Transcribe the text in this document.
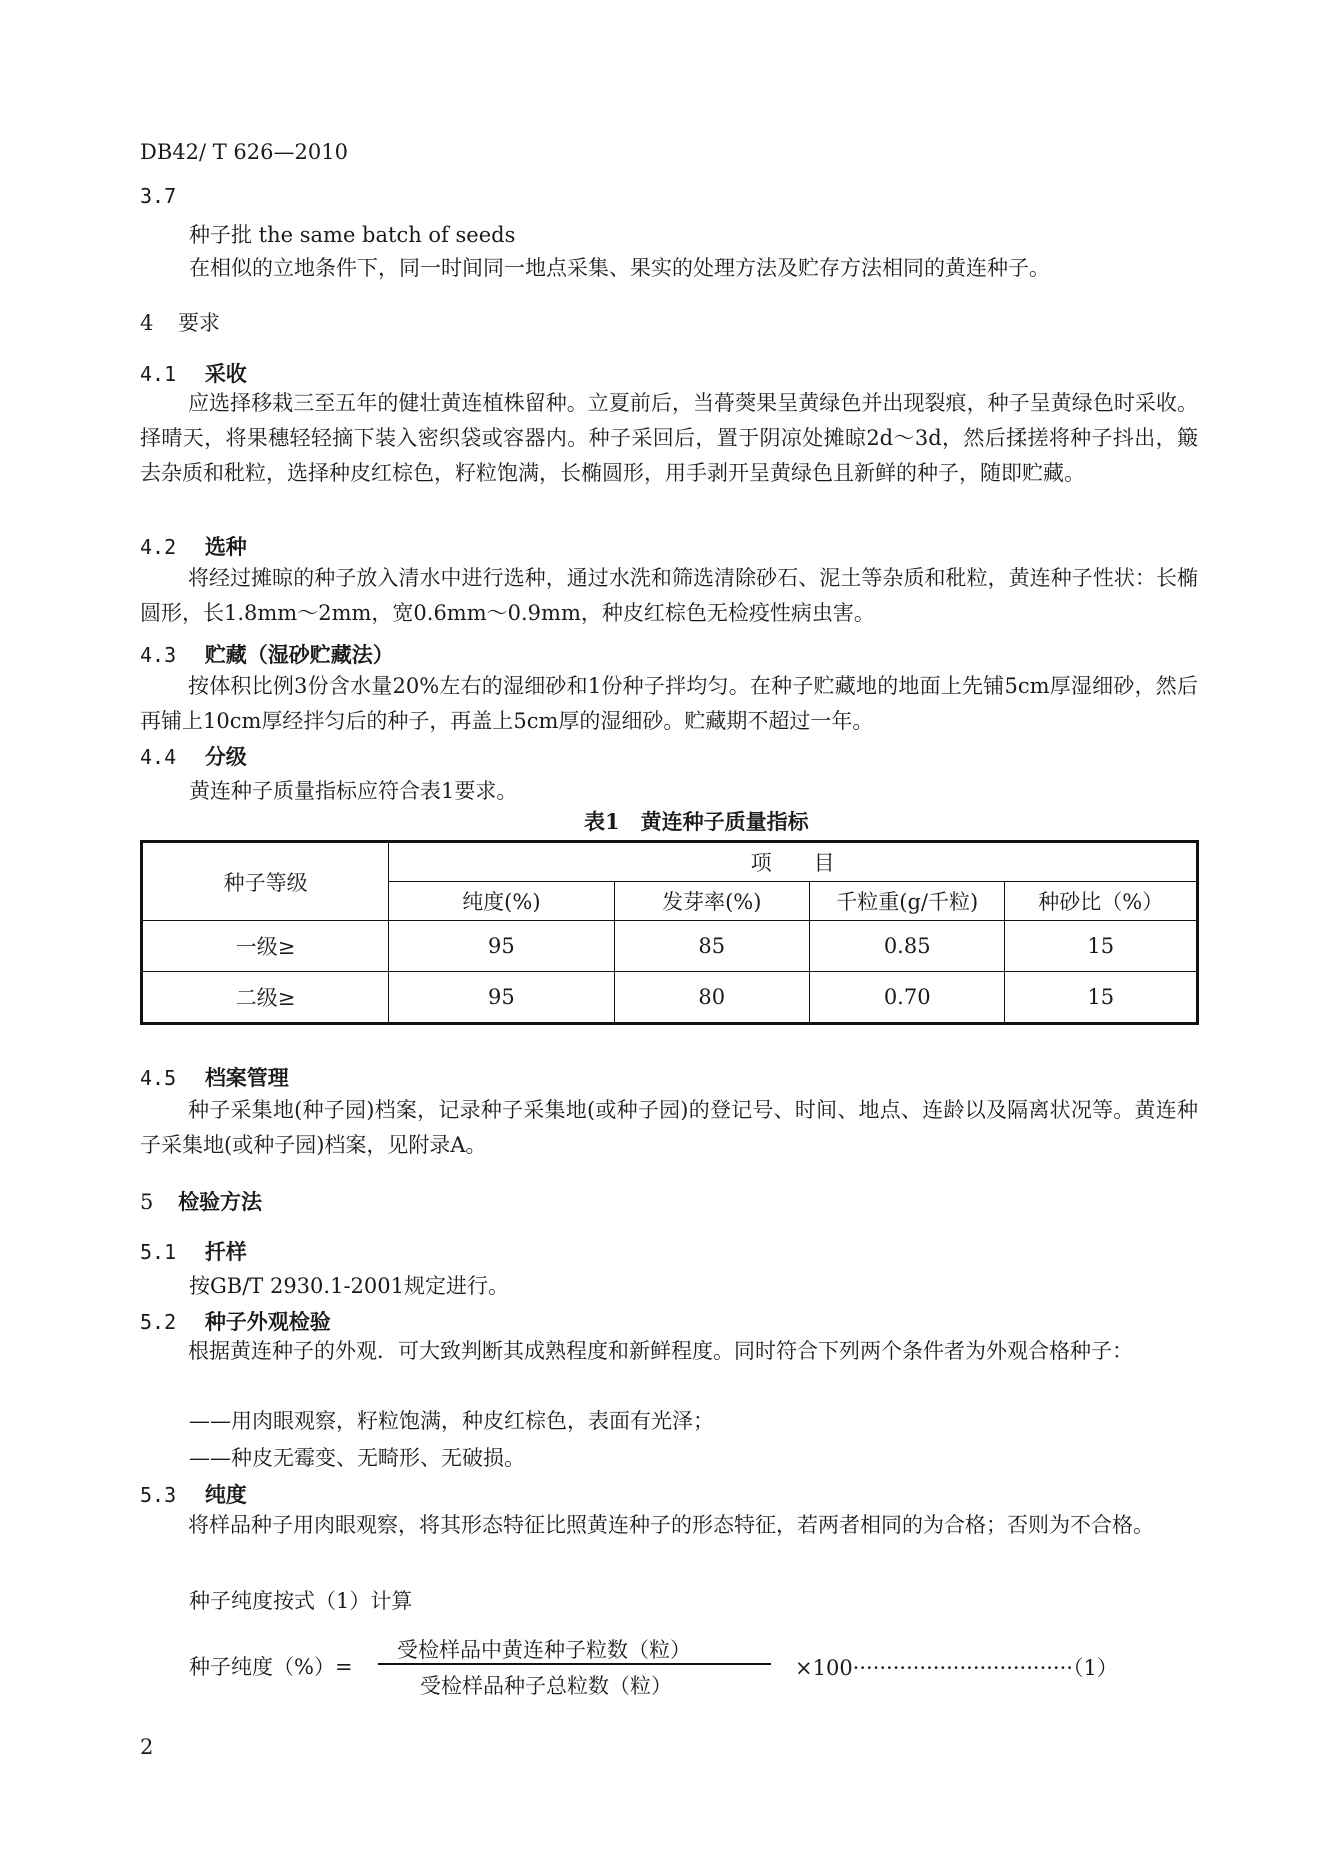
DB42/ T 626—2010
3.7
种子批 the same batch of seeds
在相似的立地条件下，同一时间同一地点采集、果实的处理方法及贮存方法相同的黄连种子。
4 要求
4.1 采收
应选择移栽三至五年的健壮黄连植株留种。立夏前后，当蓇葖果呈黄绿色并出现裂痕，种子呈黄绿色时采收。择晴天，将果穗轻轻摘下装入密织袋或容器内。种子采回后，置于阴凉处摊晾2d～3d，然后揉搓将种子抖出，簸去杂质和秕粒，选择种皮红棕色，籽粒饱满，长椭圆形，用手剥开呈黄绿色且新鲜的种子，随即贮藏。
4.2 选种
将经过摊晾的种子放入清水中进行选种，通过水洗和筛选清除砂石、泥土等杂质和秕粒，黄连种子性状：长椭圆形，长1.8mm～2mm，宽0.6mm～0.9mm，种皮红棕色无检疫性病虫害。
4.3 贮藏（湿砂贮藏法）
按体积比例3份含水量20%左右的湿细砂和1份种子拌均匀。在种子贮藏地的地面上先铺5cm厚湿细砂，然后再铺上10cm厚经拌匀后的种子，再盖上5cm厚的湿细砂。贮藏期不超过一年。
4.4 分级
黄连种子质量指标应符合表1要求。
表1　黄连种子质量指标
种子等级	项　　目			
	纯度(%)	发芽率(%)	千粒重(g/千粒)	种砂比（%）
一级≥	95	85	0.85	15
二级≥	95	80	0.70	15
4.5 档案管理
种子采集地(种子园)档案，记录种子采集地(或种子园)的登记号、时间、地点、连龄以及隔离状况等。黄连种子采集地(或种子园)档案，见附录A。
5 检验方法
5.1 扦样
按GB/T 2930.1-2001规定进行。
5.2 种子外观检验
根据黄连种子的外观．可大致判断其成熟程度和新鲜程度。同时符合下列两个条件者为外观合格种子：
——用肉眼观察，籽粒饱满，种皮红棕色，表面有光泽；
——种皮无霉变、无畸形、无破损。
5.3 纯度
将样品种子用肉眼观察，将其形态特征比照黄连种子的形态特征，若两者相同的为合格；否则为不合格。
种子纯度按式（1）计算
种子纯度（%）=
受检样品中黄连种子粒数（粒）
受检样品种子总粒数（粒）
×100·································（1）
2
